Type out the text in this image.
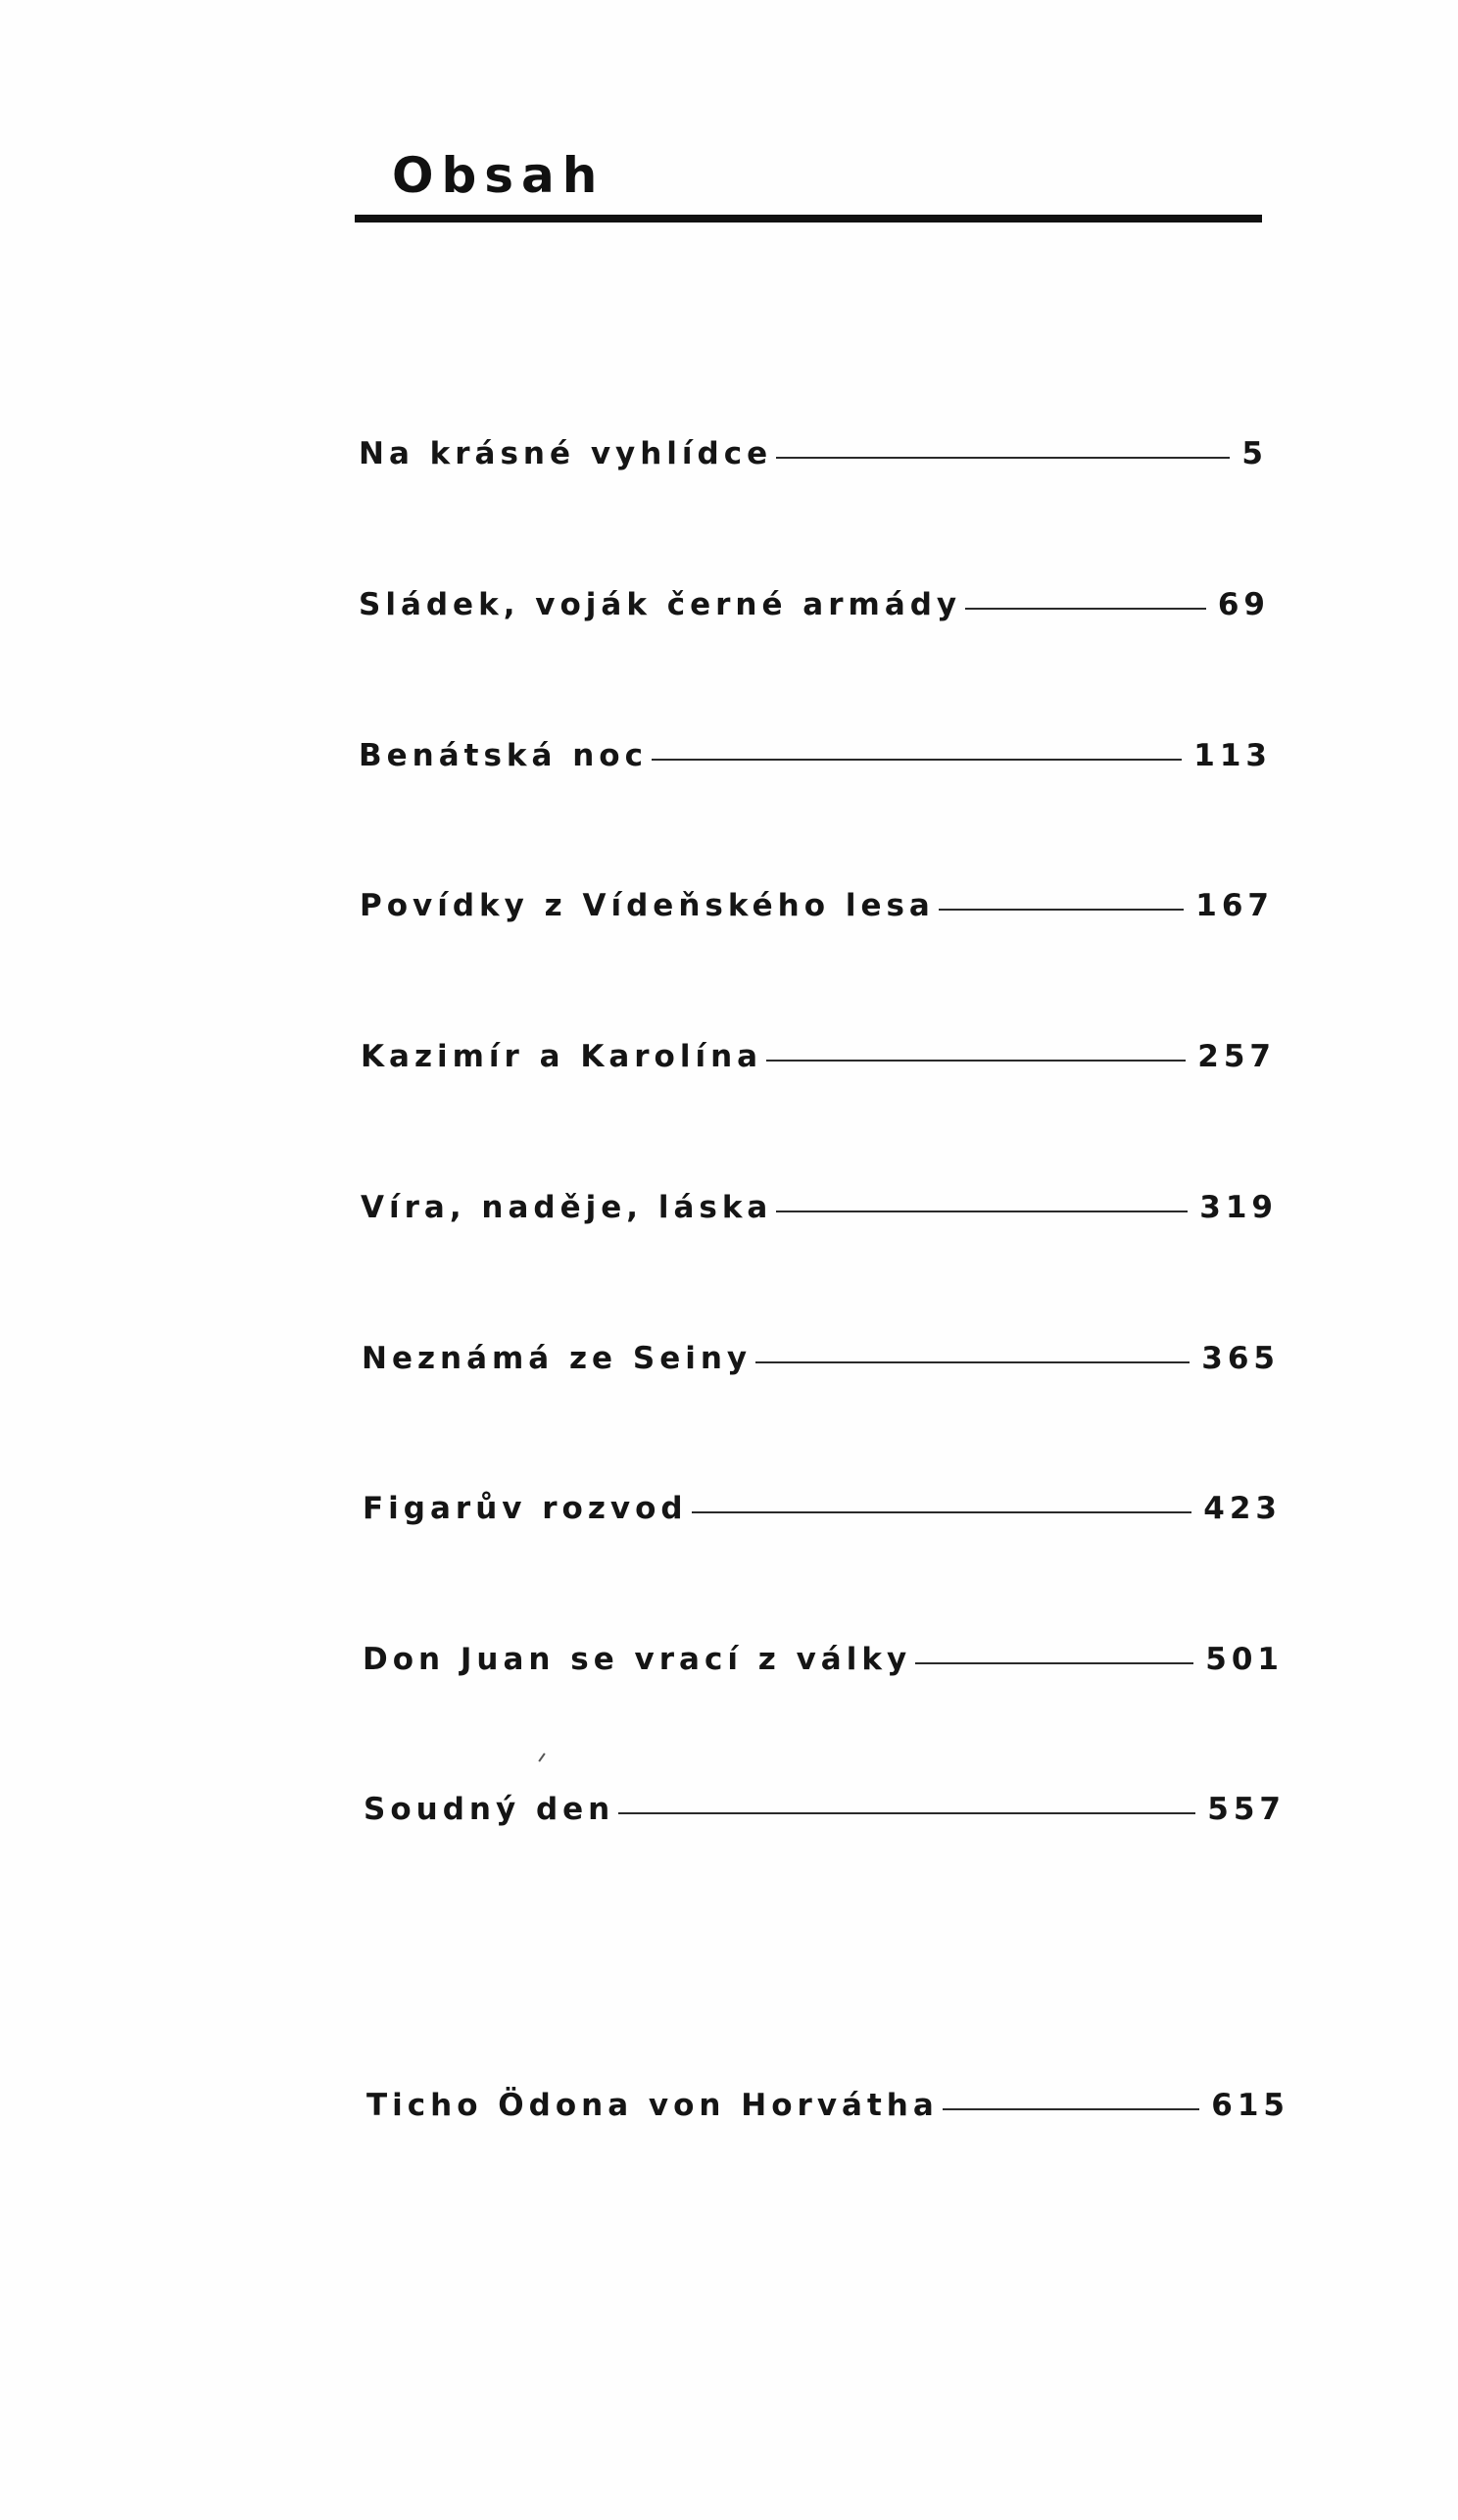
Obsah
Na krásné vyhlídce	5
Sládek, voják černé armády	69
Benátská noc	113
Povídky z Vídeňského lesa	167
Kazimír a Karolína	257
Víra, naděje, láska	319
Neznámá ze Seiny	365
Figarův rozvod	423
Don Juan se vrací z války	501
Soudný den	557
Ticho Ödona von Horvátha	615
